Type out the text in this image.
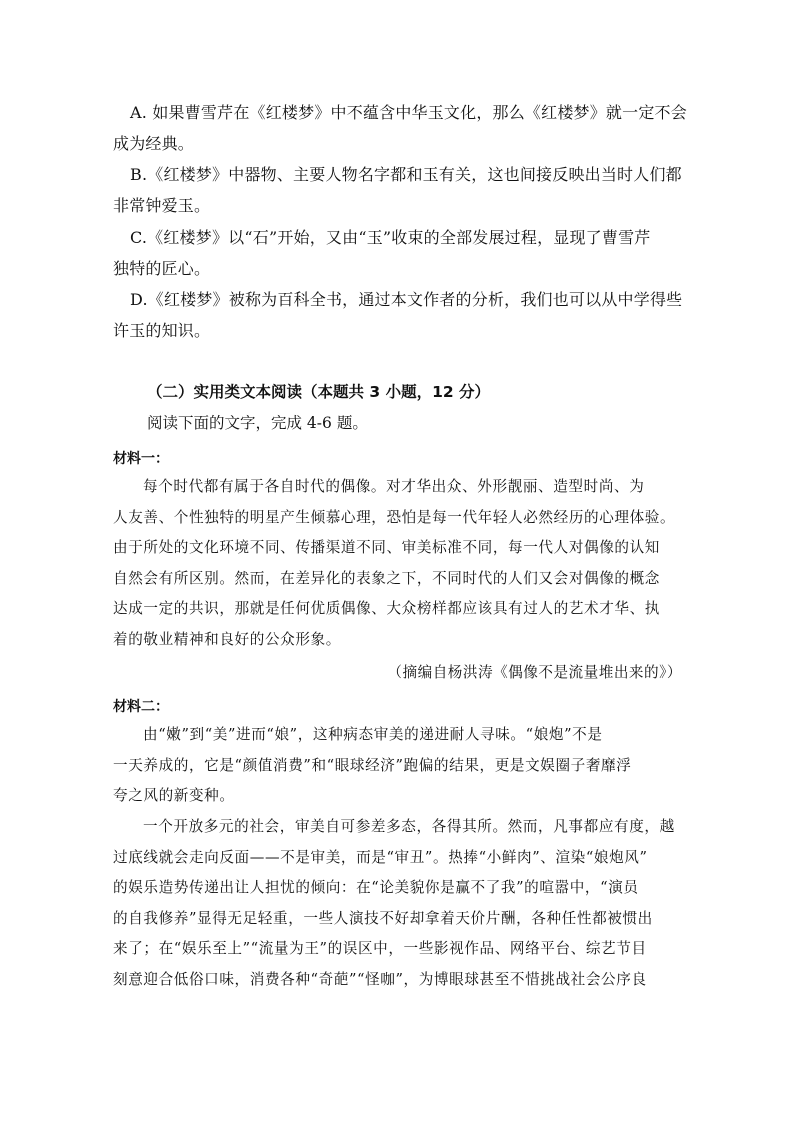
A. 如果曹雪芹在《红楼梦》中不蕴含中华玉文化，那么《红楼梦》就一定不会
成为经典。
B.《红楼梦》中器物、主要人物名字都和玉有关，这也间接反映出当时人们都
非常钟爱玉。
C.《红楼梦》以“石”开始，又由“玉”收束的全部发展过程，显现了曹雪芹
独特的匠心。
D.《红楼梦》被称为百科全书，通过本文作者的分析，我们也可以从中学得些
许玉的知识。
（二）实用类文本阅读（本题共 3 小题，12 分）
阅读下面的文字，完成 4-6 题。
材料一：
每个时代都有属于各自时代的偶像。对才华出众、外形靓丽、造型时尚、为
人友善、个性独特的明星产生倾慕心理，恐怕是每一代年轻人必然经历的心理体验。
由于所处的文化环境不同、传播渠道不同、审美标准不同，每一代人对偶像的认知
自然会有所区别。然而，在差异化的表象之下，不同时代的人们又会对偶像的概念
达成一定的共识，那就是任何优质偶像、大众榜样都应该具有过人的艺术才华、执
着的敬业精神和良好的公众形象。
（摘编自杨洪涛《偶像不是流量堆出来的》）
材料二：
由“嫩”到“美”进而“娘”，这种病态审美的递进耐人寻味。“娘炮”不是
一天养成的，它是“颜值消费”和“眼球经济”跑偏的结果，更是文娱圈子奢靡浮
夸之风的新变种。
一个开放多元的社会，审美自可参差多态，各得其所。然而，凡事都应有度，越
过底线就会走向反面——不是审美，而是“审丑”。热捧“小鲜肉”、渲染“娘炮风”
的娱乐造势传递出让人担忧的倾向：在“论美貌你是赢不了我”的喧嚣中，“演员
的自我修养”显得无足轻重，一些人演技不好却拿着天价片酬，各种任性都被惯出
来了；在“娱乐至上”“流量为王”的误区中，一些影视作品、网络平台、综艺节目
刻意迎合低俗口味，消费各种“奇葩”“怪咖”，为博眼球甚至不惜挑战社会公序良
